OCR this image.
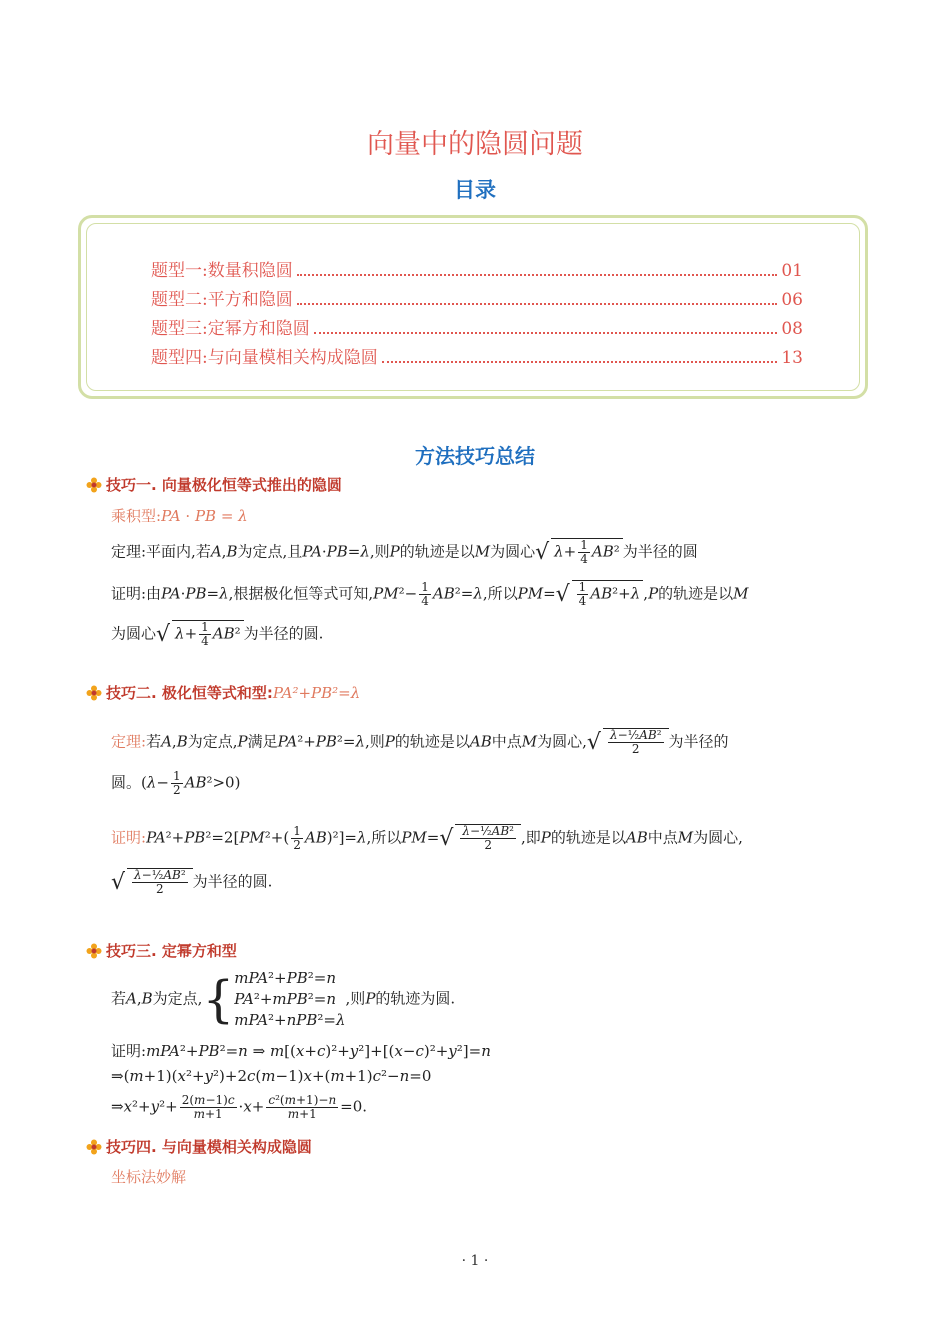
向量中的隐圆问题
目录
题型一:数量积隐圆	01
题型二:平方和隐圆	06
题型三:定幂方和隐圆	08
题型四:与向量模相关构成隐圆	13
方法技巧总结
技巧一. 向量极化恒等式推出的隐圆
乘积型:PA · PB = λ
定理:平面内,若A,B为定点,且PA·PB=λ,则P的轨迹是以M为圆心√ $\lambda+ \frac{1}{4} AB^2$ 为半径的圆
证明:由PA·PB=λ,根据极化恒等式可知$,PM^2- \frac{1}{4} AB^2=\lambda$,所以$PM=√ \frac{1}{4} AB^2+\lambda$ ,P的轨迹是以M
为圆心√ $\lambda+ \frac{1}{4} AB^2$ 为半径的圆.
技巧二. 极化恒等式和型: PA²+PB²=λ
定理:若A,B为定点,P满足PA²+PB²=λ,则P的轨迹是以AB中点M为圆心,√ $\frac{\text{λ−½AB²}}{2}$ 为半径的
圆。$(\lambda- \frac{1}{2} AB^2>0)$
证明:PA²+PB²=2[PM²+( $\frac{1}{2} AB)^2]=\lambda$,所以$PM=√ \frac{\text{λ−½AB²}}{2}$ ,即P的轨迹是以AB中点M为圆心,
√ $\frac{\text{λ−½AB²}}{2}$ 为半径的圆.
技巧三. 定幂方和型
若A,B为定点,{ mPA²+PB²=n
PA²+mPB²=n
mPA²+nPB²=λ
,则P的轨迹为圆.
证明:mPA²+PB²=n ⇒ m[(x+c)²+y²]+[(x−c)²+y²]=n
⇒(m+1)(x²+y²)+2c(m−1)x+(m+1)c²−n=0
⇒x²+y²+ $\frac{2(m-1)c}{m+1} \cdot x+ \frac{\text{c²(m+1)−n}}{m+1} =0$.
技巧四. 与向量模相关构成隐圆
坐标法妙解
· 1 ·
